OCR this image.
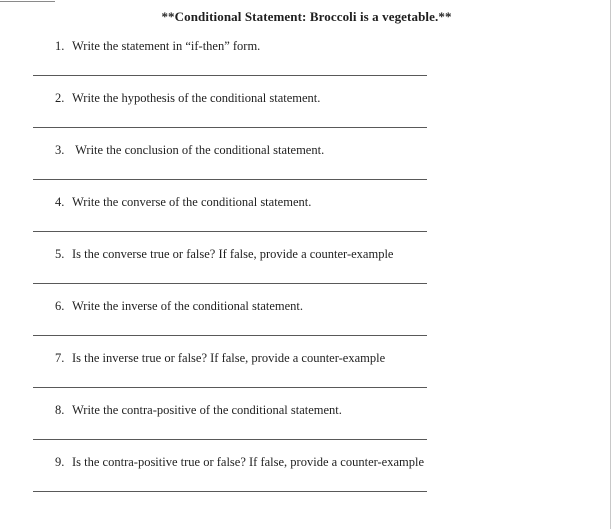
**Conditional Statement: Broccoli is a vegetable.**
1. Write the statement in “if-then” form.
2. Write the hypothesis of the conditional statement.
3. Write the conclusion of the conditional statement.
4. Write the converse of the conditional statement.
5. Is the converse true or false? If false, provide a counter-example
6. Write the inverse of the conditional statement.
7. Is the inverse true or false? If false, provide a counter-example
8. Write the contra-positive of the conditional statement.
9. Is the contra-positive true or false? If false, provide a counter-example
